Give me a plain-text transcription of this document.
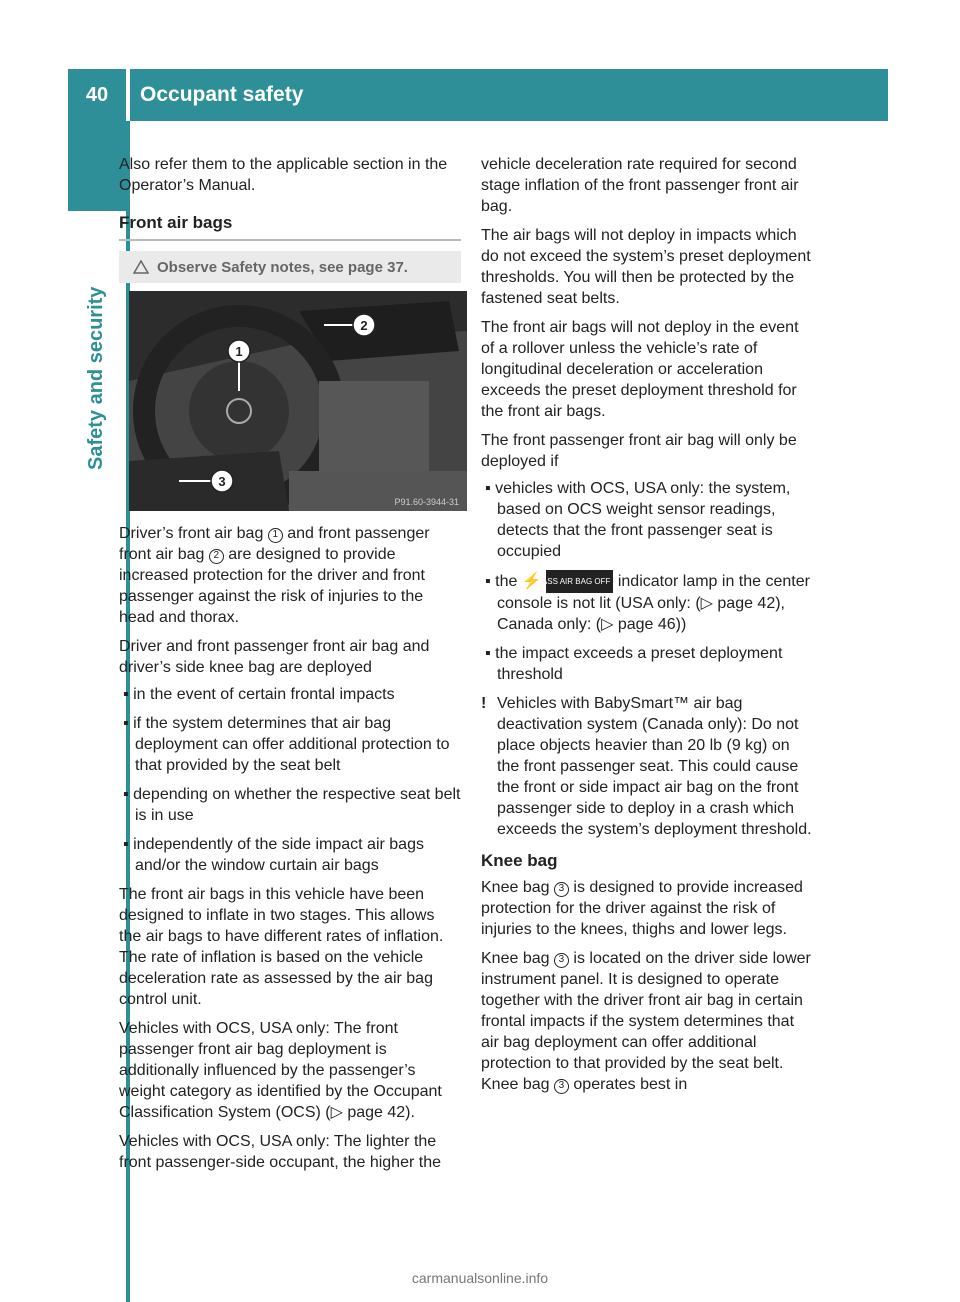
40	Occupant safety
Safety and security

Also refer them to the applicable section in the Operator’s Manual.

Front air bags
Observe Safety notes, see page 37.
1
2
3
P91.60-3944-31

Driver’s front air bag 1 and front passenger front air bag 2 are designed to provide increased protection for the driver and front passenger against the risk of injuries to the head and thorax.

Driver and front passenger front air bag and driver’s side knee bag are deployed

▪ in the event of certain frontal impacts

▪ if the system determines that air bag deployment can offer additional protection to that provided by the seat belt

▪ depending on whether the respective seat belt is in use

▪ independently of the side impact air bags and/or the window curtain air bags

The front air bags in this vehicle have been designed to inflate in two stages. This allows the air bags to have different rates of inflation. The rate of inflation is based on the vehicle deceleration rate as assessed by the air bag control unit.

Vehicles with OCS, USA only: The front passenger front air bag deployment is additionally influenced by the passenger’s weight category as identified by the Occupant Classification System (OCS) (▷ page 42).

Vehicles with OCS, USA only: The lighter the front passenger-side occupant, the higher the

vehicle deceleration rate required for second stage inflation of the front passenger front air bag.

The air bags will not deploy in impacts which do not exceed the system’s preset deployment thresholds. You will then be protected by the fastened seat belts.

The front air bags will not deploy in the event of a rollover unless the vehicle’s rate of longitudinal deceleration or acceleration exceeds the preset deployment threshold for the front air bags.

The front passenger front air bag will only be deployed if

▪ vehicles with OCS, USA only: the system, based on OCS weight sensor readings, detects that the front passenger seat is occupied

▪ the ⚡ PASS AIR BAG OFF indicator lamp in the center console is not lit (USA only: (▷ page 42), Canada only: (▷ page 46))

▪ the impact exceeds a preset deployment threshold

! Vehicles with BabySmart™ air bag deactivation system (Canada only): Do not place objects heavier than 20 lb (9 kg) on the front passenger seat. This could cause the front or side impact air bag on the front passenger side to deploy in a crash which exceeds the system’s deployment threshold.

Knee bag

Knee bag 3 is designed to provide increased protection for the driver against the risk of injuries to the knees, thighs and lower legs.

Knee bag 3 is located on the driver side lower instrument panel. It is designed to operate together with the driver front air bag in certain frontal impacts if the system determines that air bag deployment can offer additional protection to that provided by the seat belt. Knee bag 3 operates best in

carmanualsonline.info
